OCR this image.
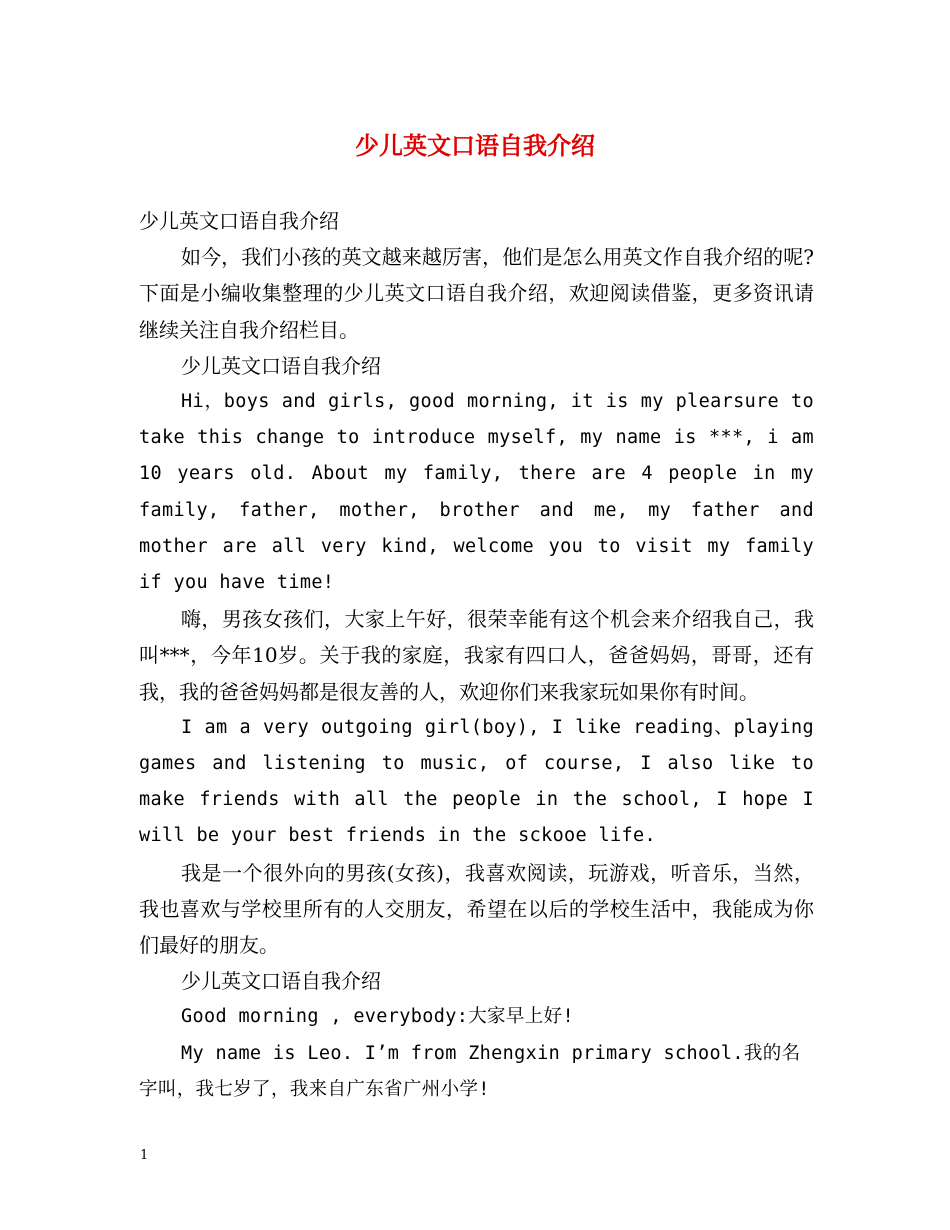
少儿英文口语自我介绍

少儿英文口语自我介绍

如今，我们小孩的英文越来越厉害，他们是怎么用英文作自我介绍的呢?下面是小编收集整理的少儿英文口语自我介绍，欢迎阅读借鉴，更多资讯请继续关注自我介绍栏目。

少儿英文口语自我介绍

Hi，boys and girls, good morning, it is my plearsure to take this change to introduce myself, my name is ***, i am 10 years old. About my family, there are 4 people in my family, father, mother, brother and me, my father and mother are all very kind, welcome you to visit my family if you have time!

嗨，男孩女孩们，大家上午好，很荣幸能有这个机会来介绍我自己，我叫***，今年10岁。关于我的家庭，我家有四口人，爸爸妈妈，哥哥，还有我，我的爸爸妈妈都是很友善的人，欢迎你们来我家玩如果你有时间。

I am a very outgoing girl(boy), I like reading、playing games and listening to music, of course, I also like to make friends with all the people in the school, I hope I will be your best friends in the sckooe life.

我是一个很外向的男孩(女孩)，我喜欢阅读，玩游戏，听音乐，当然，我也喜欢与学校里所有的人交朋友，希望在以后的学校生活中，我能成为你们最好的朋友。

少儿英文口语自我介绍

Good morning , everybody:大家早上好!

My name is Leo. I’m from Zhengxin primary school.我的名字叫，我七岁了，我来自广东省广州小学!

1
